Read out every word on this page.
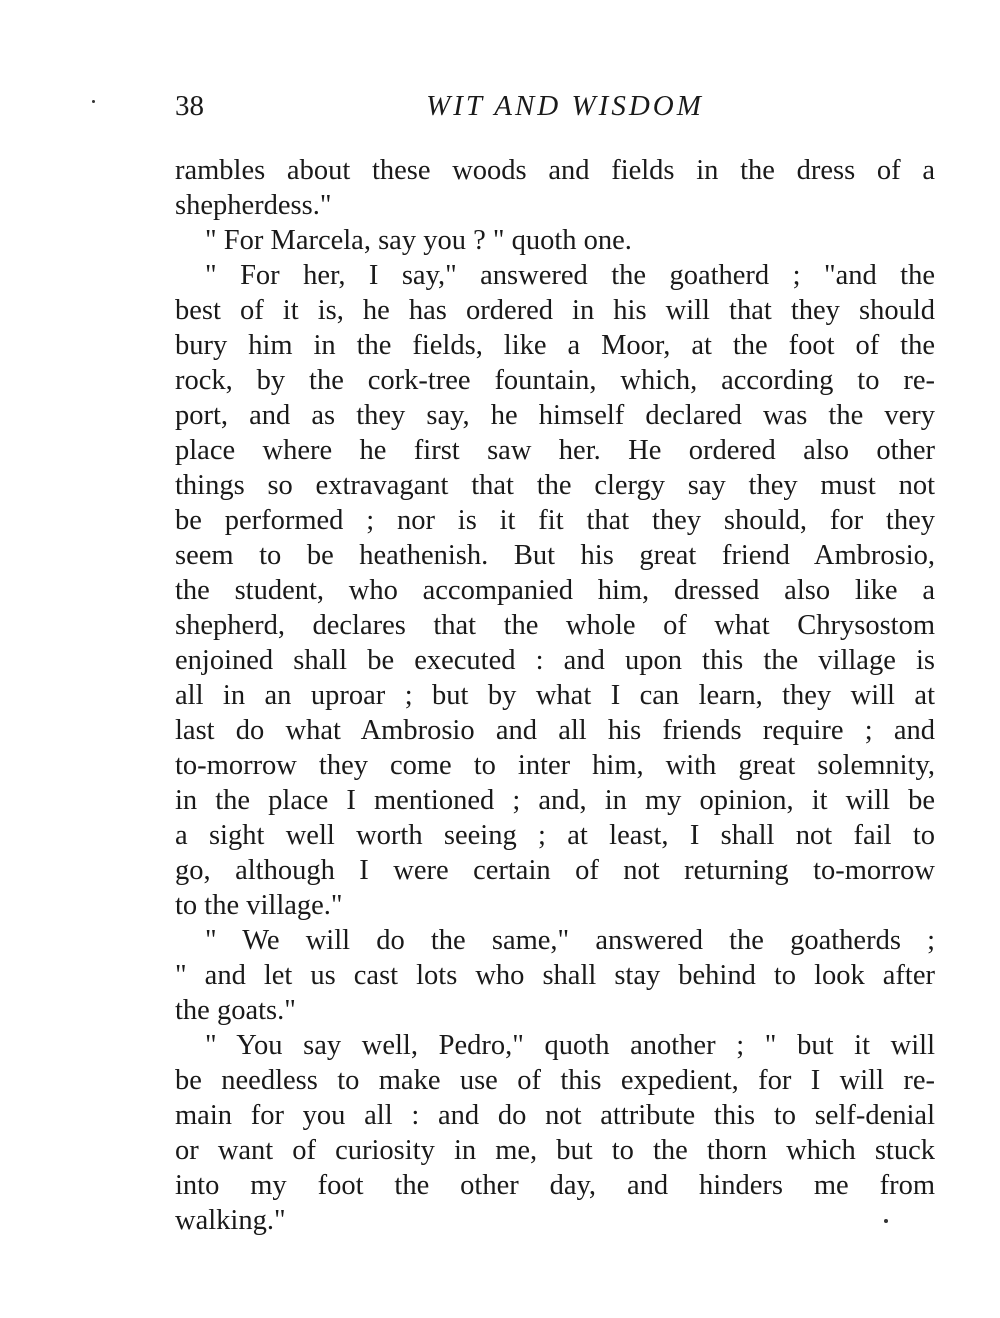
38	WIT AND WISDOM
rambles about these woods and fields in the dress of a
shepherdess."
" For Marcela, say you ? " quoth one.
" For her, I say," answered the goatherd ; "and the
best of it is, he has ordered in his will that they should
bury him in the fields, like a Moor, at the foot of the
rock, by the cork-tree fountain, which, according to re-
port, and as they say, he himself declared was the very
place where he first saw her. He ordered also other
things so extravagant that the clergy say they must not
be performed ; nor is it fit that they should, for they
seem to be heathenish. But his great friend Ambrosio,
the student, who accompanied him, dressed also like a
shepherd, declares that the whole of what Chrysostom
enjoined shall be executed : and upon this the village is
all in an uproar ; but by what I can learn, they will at
last do what Ambrosio and all his friends require ; and
to-morrow they come to inter him, with great solemnity,
in the place I mentioned ; and, in my opinion, it will be
a sight well worth seeing ; at least, I shall not fail to
go, although I were certain of not returning to-morrow
to the village."
" We will do the same," answered the goatherds ;
" and let us cast lots who shall stay behind to look after
the goats."
" You say well, Pedro," quoth another ; " but it will
be needless to make use of this expedient, for I will re-
main for you all : and do not attribute this to self-denial
or want of curiosity in me, but to the thorn which stuck
into my foot the other day, and hinders me from
walking."
